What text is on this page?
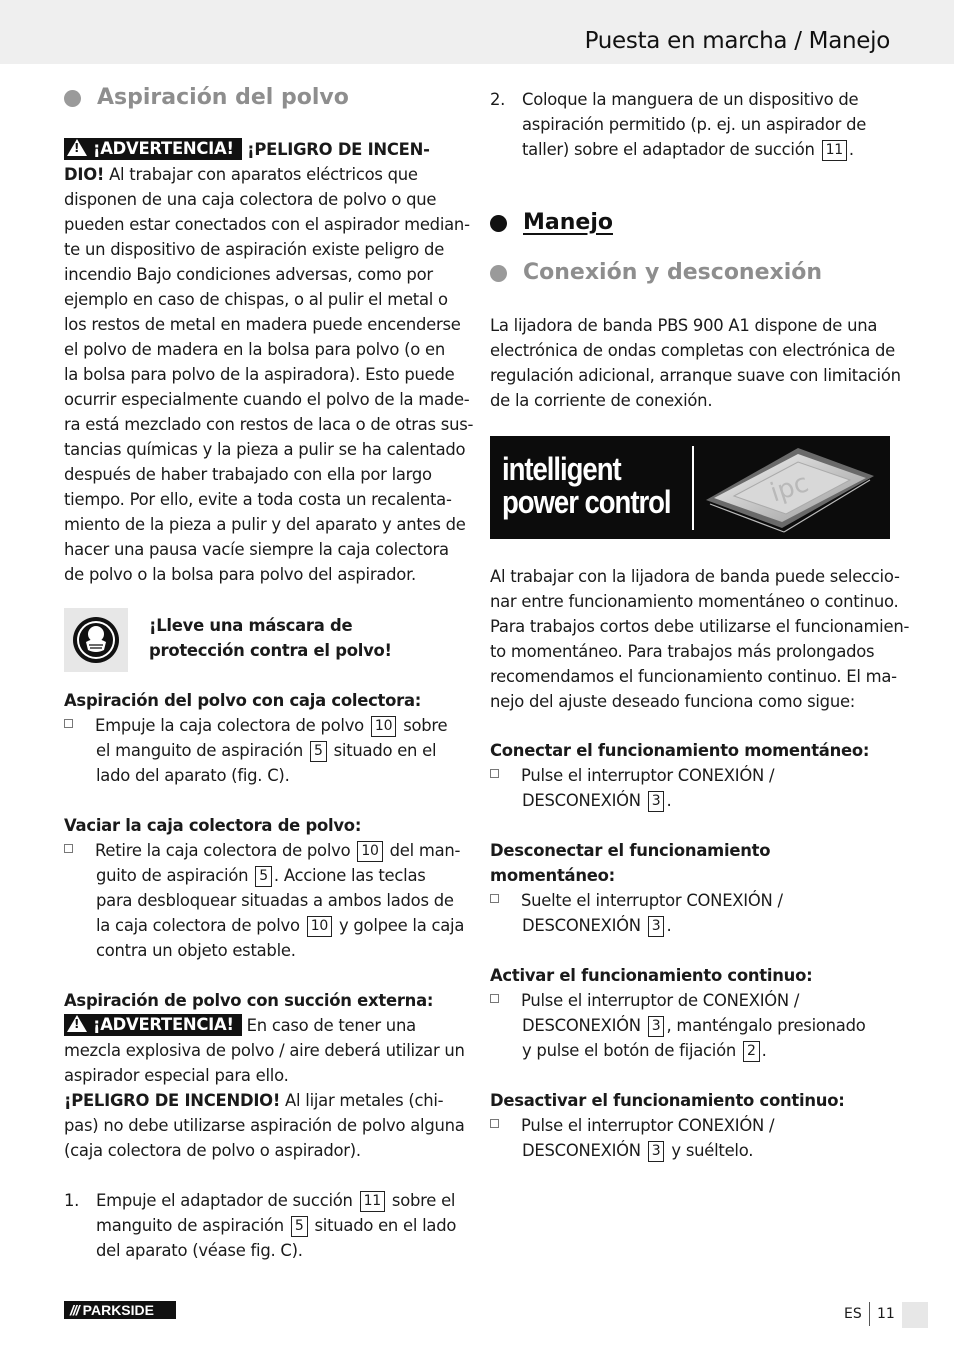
Puesta en marcha / Manejo
Aspiración del polvo
! ¡ADVERTENCIA! ¡PELIGRO DE INCEN-
DIO! Al trabajar con aparatos eléctricos que
disponen de una caja colectora de polvo o que
pueden estar conectados con el aspirador median-
te un dispositivo de aspiración existe peligro de
incendio Bajo condiciones adversas, como por
ejemplo en caso de chispas, o al pulir el metal o
los restos de metal en madera puede encenderse
el polvo de madera en la bolsa para polvo (o en
la bolsa para polvo de la aspiradora). Esto puede
ocurrir especialmente cuando el polvo de la made-
ra está mezclado con restos de laca o de otras sus-
tancias químicas y la pieza a pulir se ha calentado
después de haber trabajado con ella por largo
tiempo. Por ello, evite a toda costa un recalenta-
miento de la pieza a pulir y del aparato y antes de
hacer una pausa vacíe siempre la caja colectora
de polvo o la bolsa para polvo del aspirador.
¡Lleve una máscara de
protección contra el polvo!
Aspiración del polvo con caja colectora:
Empuje la caja colectora de polvo 10 sobre
el manguito de aspiración 5 situado en el
lado del aparato (fig. C).
Vaciar la caja colectora de polvo:
Retire la caja colectora de polvo 10 del man-
guito de aspiración 5 . Accione las teclas
para desbloquear situadas a ambos lados de
la caja colectora de polvo 10 y golpee la caja
contra un objeto estable.
Aspiración de polvo con succión externa:
! ¡ADVERTENCIA! En caso de tener una
mezcla explosiva de polvo / aire deberá utilizar un
aspirador especial para ello.
¡PELIGRO DE INCENDIO! Al lijar metales (chi-
pas) no debe utilizarse aspiración de polvo alguna
(caja colectora de polvo o aspirador).
1. Empuje el adaptador de succión 11 sobre el
manguito de aspiración 5 situado en el lado
del aparato (véase fig. C).
2. Coloque la manguera de un dispositivo de
aspiración permitido (p. ej. un aspirador de
taller) sobre el adaptador de succión 11 .
Manejo
Conexión y desconexión
La lijadora de banda PBS 900 A1 dispone de una
electrónica de ondas completas con electrónica de
regulación adicional, arranque suave con limitación
de la corriente de conexión.
intelligent
power control	ipc
Al trabajar con la lijadora de banda puede seleccio-
nar entre funcionamiento momentáneo o continuo.
Para trabajos cortos debe utilizarse el funcionamien-
to momentáneo. Para trabajos más prolongados
recomendamos el funcionamiento continuo. El ma-
nejo del ajuste deseado funciona como sigue:
Conectar el funcionamiento momentáneo:
Pulse el interruptor CONEXIÓN /
DESCONEXIÓN 3 .
Desconectar el funcionamiento
momentáneo:
Suelte el interruptor CONEXIÓN /
DESCONEXIÓN 3 .
Activar el funcionamiento continuo:
Pulse el interruptor de CONEXIÓN /
DESCONEXIÓN 3 , manténgalo presionado
y pulse el botón de fijación 2 .
Desactivar el funcionamiento continuo:
Pulse el interruptor CONEXIÓN /
DESCONEXIÓN 3 y suéltelo.
/// PARKSIDE	ES 11
